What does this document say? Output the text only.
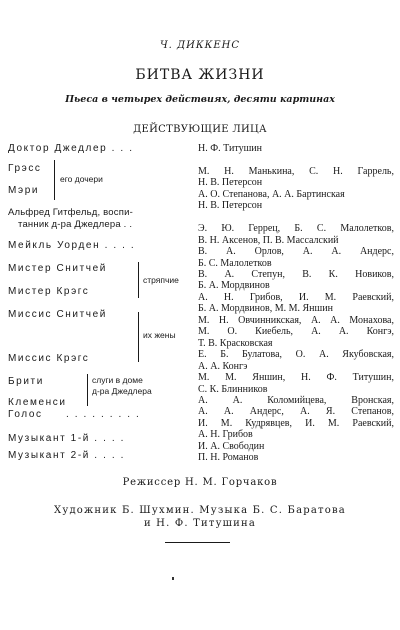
Ч. ДИККЕНС
БИТВА ЖИЗНИ
Пьеса в четырех действиях, десяти картинах
ДЕЙСТВУЮЩИЕ ЛИЦА
Доктор Джедлер . . .
Грэсс
Мэри
его дочери
Альфред Гитфельд, воспи-
танник д-ра Джедлера . .
Мейкль Уорден . . . .
Мистер Снитчей
Мистер Крэгс
стряпчие
Миссис Снитчей
Миссис Крэгс
их жены
Брити
Клеменси
слуги в доме
д-ра Джедлера
Голос . . . . . . . . .
Музыкант 1-й . . . .
Музыкант 2-й . . . .
Н. Ф. Титушин

М. Н. Манькина, С. Н. Гаррель,
Н. В. Петерсон
А. О. Степанова, А. А. Бартинская
Н. В. Петерсон

Э. Ю. Геррец, Б. С. Малолетков,
В. Н. Аксенов, П. В. Массалский
В. А. Орлов, А. А. Андерс,
Б. С. Малолетков
В. А. Степун, В. К. Новиков,
Б. А. Мордвинов
А. Н. Грибов, И. М. Раевский,
Б. А. Мордвинов, М. М. Яншин
М. Н. Овчинникская, А. А. Монахова,
М. О. Киебель, А. А. Конгэ,
Т. В. Красковская
Е. Б. Булатова, О. А. Якубовская,
А. А. Конгэ
М. М. Яншин, Н. Ф. Титушин,
С. К. Блинников
А. А. Коломийцева, Вронская,
А. А. Андерс, А. Я. Степанов,
И. М. Кудрявцев, И. М. Раевский,
А. Н. Грибов
И. А. Свободин
П. Н. Романов
Режиссер Н. М. Горчаков
Художник Б. Шухмин. Музыка Б. С. Баратова
и Н. Ф. Титушина
